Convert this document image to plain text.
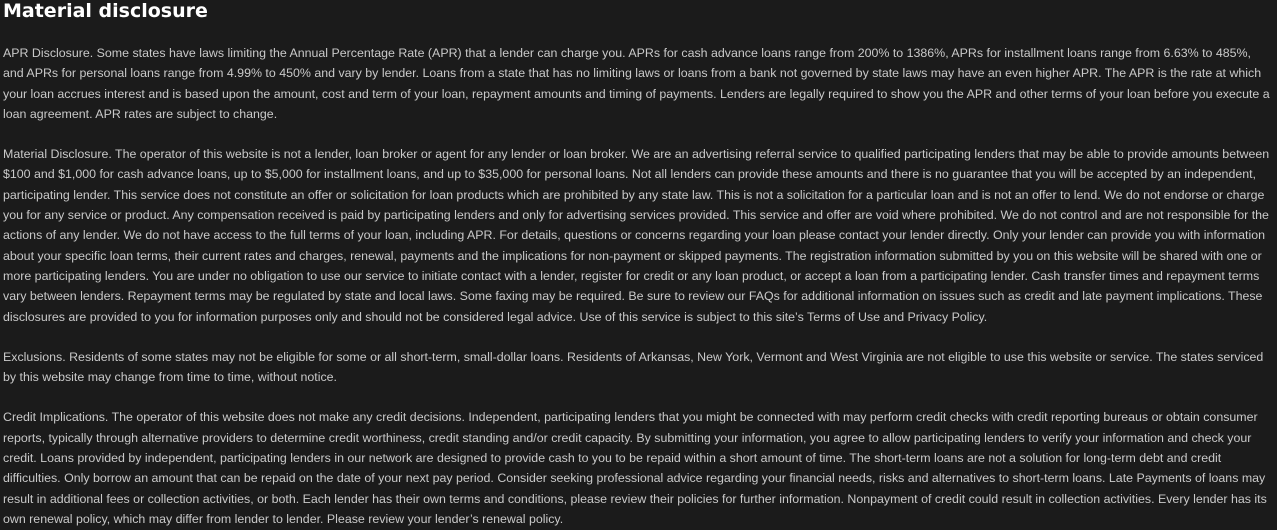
Material disclosure

APR Disclosure. Some states have laws limiting the Annual Percentage Rate (APR) that a lender can charge you. APRs for cash advance loans range from 200% to 1386%, APRs for installment loans range from 6.63% to 485%, and APRs for personal loans range from 4.99% to 450% and vary by lender. Loans from a state that has no limiting laws or loans from a bank not governed by state laws may have an even higher APR. The APR is the rate at which your loan accrues interest and is based upon the amount, cost and term of your loan, repayment amounts and timing of payments. Lenders are legally required to show you the APR and other terms of your loan before you execute a loan agreement. APR rates are subject to change.

Material Disclosure. The operator of this website is not a lender, loan broker or agent for any lender or loan broker. We are an advertising referral service to qualified participating lenders that may be able to provide amounts between $100 and $1,000 for cash advance loans, up to $5,000 for installment loans, and up to $35,000 for personal loans. Not all lenders can provide these amounts and there is no guarantee that you will be accepted by an independent, participating lender. This service does not constitute an offer or solicitation for loan products which are prohibited by any state law. This is not a solicitation for a particular loan and is not an offer to lend. We do not endorse or charge you for any service or product. Any compensation received is paid by participating lenders and only for advertising services provided. This service and offer are void where prohibited. We do not control and are not responsible for the actions of any lender. We do not have access to the full terms of your loan, including APR. For details, questions or concerns regarding your loan please contact your lender directly. Only your lender can provide you with information about your specific loan terms, their current rates and charges, renewal, payments and the implications for non-payment or skipped payments. The registration information submitted by you on this website will be shared with one or more participating lenders. You are under no obligation to use our service to initiate contact with a lender, register for credit or any loan product, or accept a loan from a participating lender. Cash transfer times and repayment terms vary between lenders. Repayment terms may be regulated by state and local laws. Some faxing may be required. Be sure to review our FAQs for additional information on issues such as credit and late payment implications. These disclosures are provided to you for information purposes only and should not be considered legal advice. Use of this service is subject to this site’s Terms of Use and Privacy Policy.

Exclusions. Residents of some states may not be eligible for some or all short-term, small-dollar loans. Residents of Arkansas, New York, Vermont and West Virginia are not eligible to use this website or service. The states serviced by this website may change from time to time, without notice.

Credit Implications. The operator of this website does not make any credit decisions. Independent, participating lenders that you might be connected with may perform credit checks with credit reporting bureaus or obtain consumer reports, typically through alternative providers to determine credit worthiness, credit standing and/or credit capacity. By submitting your information, you agree to allow participating lenders to verify your information and check your credit. Loans provided by independent, participating lenders in our network are designed to provide cash to you to be repaid within a short amount of time. The short-term loans are not a solution for long-term debt and credit difficulties. Only borrow an amount that can be repaid on the date of your next pay period. Consider seeking professional advice regarding your financial needs, risks and alternatives to short-term loans. Late Payments of loans may result in additional fees or collection activities, or both. Each lender has their own terms and conditions, please review their policies for further information. Nonpayment of credit could result in collection activities. Every lender has its own renewal policy, which may differ from lender to lender. Please review your lender’s renewal policy.
